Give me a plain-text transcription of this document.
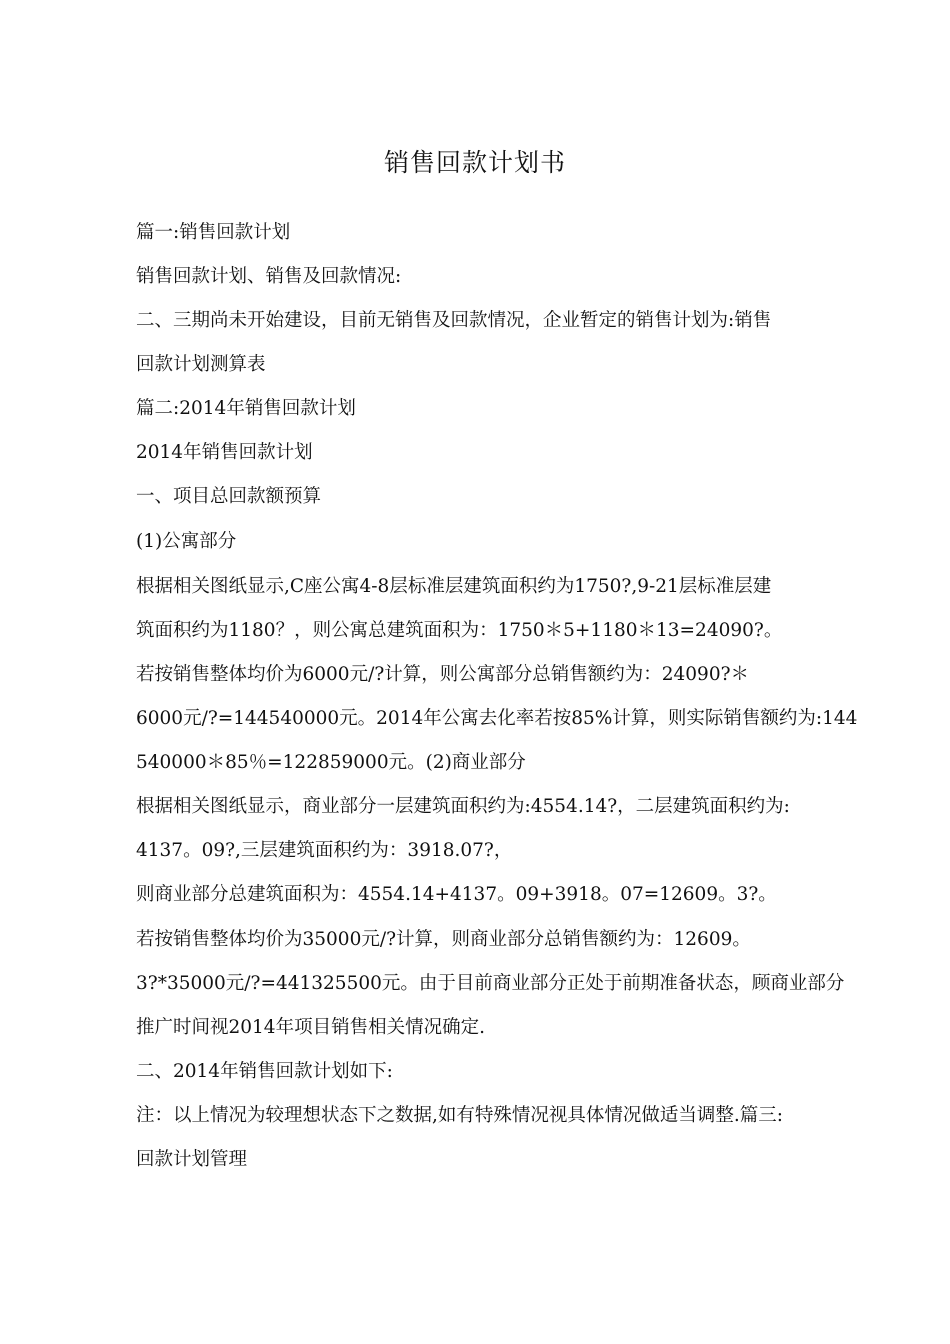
销售回款计划书

篇一:销售回款计划

销售回款计划、销售及回款情况:

二、三期尚未开始建设，目前无销售及回款情况，企业暂定的销售计划为:销售

回款计划测算表

篇二:2014年销售回款计划

2014年销售回款计划

一、项目总回款额预算

(1)公寓部分

根据相关图纸显示,C座公寓4-8层标准层建筑面积约为1750?,9-21层标准层建

筑面积约为1180？，则公寓总建筑面积为：1750＊5+1180＊13=24090?。

若按销售整体均价为6000元/?计算，则公寓部分总销售额约为：24090?＊

6000元/?=144540000元。2014年公寓去化率若按85%计算，则实际销售额约为:144

540000＊85％=122859000元。(2)商业部分

根据相关图纸显示，商业部分一层建筑面积约为:4554.14?，二层建筑面积约为:

4137。09?,三层建筑面积约为：3918.07?，

则商业部分总建筑面积为：4554.14+4137。09+3918。07=12609。3?。

若按销售整体均价为35000元/?计算，则商业部分总销售额约为：12609。

3?*35000元/?=441325500元。由于目前商业部分正处于前期准备状态，顾商业部分

推广时间视2014年项目销售相关情况确定.

二、2014年销售回款计划如下:

注：以上情况为较理想状态下之数据,如有特殊情况视具体情况做适当调整.篇三:

回款计划管理
